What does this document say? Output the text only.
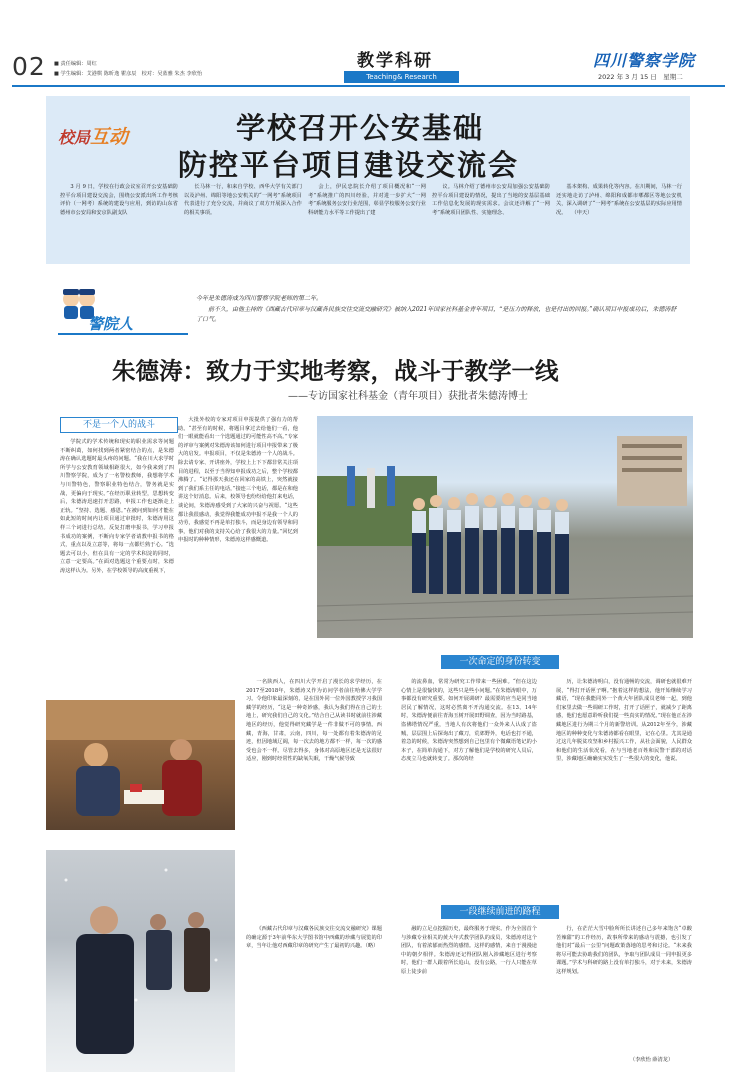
02 ■ 责任编辑：周红
■ 学生编辑：艾港棋 陈昕逸 瞿彦辰　校对：吴蓝雅 朱杰 李欣怡
教学科研
Teaching& Research
四川警察学院
2022 年 3 月 15 日　星期二
校局互动	学校召开公安基础
防控平台项目建设交流会

3 月 9 日，学校在行政会议室召开公安基础防控平台项目建设交流会，围绕公安派出所工作考核评价（一网考）系统的建设与应用，到访的山东省德州市公安局和安京队副支队

长马林一行，和来自学校、西华大学有关部门以及泸州、绵阳等地公安机关的“一网考”系统项目代表进行了充分交流，并商议了双方开展深入合作的相关事项。

会上，伊民忠院长介绍了项目概况和“一网考”系统推广的四川经验，并对进一步扩大“一网考”系统服务公安行业范围，彰显学校服务公安行业科研能力水平等工作提出了建

议。马林介绍了德州市公安局加强公安基础防控平台项目建设的情况，提出了当地的安基层基础工作信息化发展的现实需求。会议还详解了“一网考”系统项目团队性、实施理念、

基本架构、成果转化等内容。在川期间，马林一行还实地走访了泸州、绵阳和成都市郫都区等地公安机关，深入调研了“一网考”系统在公安基层的实际应用情况。　　（申天）

警院人
今年是朱德涛成为四川警察学院老师的第二年。
前不久，由他主持的《西藏古代印章与汉藏各民族交往交流交融研究》被纳入2021年国家社科基金青年项目，“是压力的释放，也是付出的回报。”确认项目申报成功后，朱德涛舒了口气。
朱德涛：致力于实地考察，战斗于教学一线
——专访国家社科基金（青年项目）获批者朱德涛博士
不是一个人的战斗

学院式的学术传统和现实的职业需求等问题不断纠葛，如何找到两者紧密结合的点，是朱德涛在确认选题时最头疼的问题。“我在川大求学时所学与公安教育领域相距很大，如今我来到了四川警察学院，成为了一名警校教师，我想将学术与川警特色，警察职业特色结合，警务就是实战，更偏向于现实。”在经历职业转型，思想转变后，朱德涛迅速打开思路，申报工作也逐渐走上正轨。“坚持、选题、感恩。”在被问到如何才能在如此短的时间内让项目通过审批时，朱德涛用这样三个词进行总结。反复打磨申报书，学习申报书成功的案例，不断向专家学者请教申报书的格式，重点以及立意等，将每一点都烂熟于心。“选题去可以小，但在具有一定的学术积淀的同时，立意一定要高。”在面对选题这个重要点时，朱德涛这样认为。另外，在学校领导的高度重视下，

大批外校的专家对项目申报提供了强有力的帮助。“甚至有的时候，将题目拿过去给他们一看，他们一眼就能看出一个选题通过的可能性高不高。”专家的评审与案例对朱德涛该如何进行项目申报带来了极大的启发。申报项目，不仅是朱德涛一个人的战斗。除去请专家、开讲座外，学校上上下下都非常关注项目的进程，以至于当得知申报成功之后，整个学校都沸腾了。“记得那天我还在回家的高铁上，突然就接到了我们系主任的电话，”接连三个电话，都是在和他讲这个好消息。后来，校领导也纷纷给他打来电话，谈论间，朱德涛感受到了大家的兴奋与祝愿。“这些都让我很感动，我觉得我能成功申报不是我一个人的功劳，我感觉不再是单打独斗，而是身边有领导和同事，他们对我的支持关心给了我很大的力量。”回忆到申报时的种种情形，朱德涛这样感慨道。

一次命定的身份转变

一名陕西人，在四川大学开启了漫长的求学经历，在2017至2018年，朱德涛又作为访问学者前往哈佛大学学习。令他印象最深刻的，是在国外同一位外国教授学习我国藏学的经历，“这是一种奇妙感，我认为我们得在自己的土地上，研究我们自己的文化。”结合自己从读书时就前往涉藏地区的经历，他觉得研究藏学是一件非做不可的事情。西藏，青海，甘肃，云南，四川，每一处都有着朱德涛的足迹，但因地域辽阔，每一次去的地方都不一样，每一次的感受也会不一样。尽管去得多，身体对高原地区还是无法很好适应，刚到时经常性的缺氧失眠，干燥气候导致

的流鼻血，常常为研究工作带来一些困难。“但在这边心情上是很愉快的，这些只是些小问题。”在朱德涛眼中，万事都没有研究重要。如何开展调研？最需要的应当是同当地居民了解情况，这时必然离不开沟通交流。在13、14年时，朱德涛便前往青海玉树开展田野调查，因为当时路基，盗佛塔情况严重，当地人有次将他们一众外来人认成了盗贼，层层围上后探询出了藏刀，荒郊野外，电话也打不通，着急的时候，朱德涛突然想到自己包里有个微藏语笔记的小本子，在简单沟通下，对方了解他们是学校的研究人员后，态度立马也就转变了。那次的经

历，让朱德涛明白，没有通畅的交流，调研也就很难开展，“得打开话匣子啊。”抱着这样的想法，他开始继续学习藏语，“现在我能同外一个黄大年团队成员老师一起，到他们家里去做一些调研工作时，打开了话匣子，就减少了距离感，他们也愿意聆听我们提一些真实的情况。”现在他正在涉藏地区进行为期三个月的新警培训。从2012年至今，涉藏地区的种种变化与朱德涛都看在眼里，记在心里。尤其是通过这几年脱贫攻坚和乡村振兴工作，从社会面貌，人民群众和他们的生活状况看，在与当地老百姓和民警干部的对话里，涉藏地区确确实实发生了一些很大的变化，他说。

一段继续前进的路程

《西藏古代印章与汉藏各民族交往交流交融研究》课题的确定源于3年前华东大学图书馆中西藏的珍藏与展览的印章，当年让他对西藏印章的研究产生了最初的兴趣。（略）

融的立足点挖掘历史，最终服务于现实。作为全国首个与涉藏专业相关的黄大年式教学团队的成员，朱德涛对这个团队，有着浓郁而热烈的感情。这样的感情，来自于漫漫途中的朝夕相伴。朱德涛还记得团队刚入涉藏地区进行考察时，他们一群人跟着所长追山，没有公路，一行人只能在草原上徒步前

行，在茫茫大雪中脸所所长讲述自己多年来饱含“卓酸苦辣甜”的工作经历，故事所带来的感动与震撼，也引发了他们对“最后一公里”问题政策落地的思考和讨论。“未来我将尽可能去协助我们的团队，争取与团队成员一同申报更多课题。”学术与科研的路上没有单打独斗，对于未来，朱德涛这样规划。

（李欣怡 薛清龙）
